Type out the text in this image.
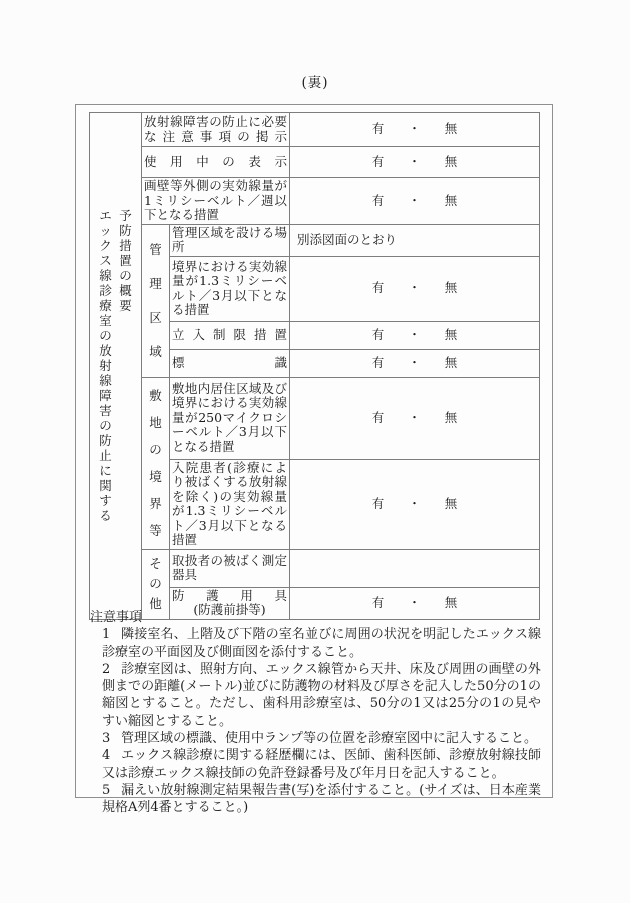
(裏)
エックス線診療室の放射線障害の防止に関する
予防措置の概要	放射線障害の防止に必要な注意事項の掲示		有 ・ 無
	使用中の表示		有 ・ 無
	画壁等外側の実効線量が1ミリシーベルト／週以下となる措置		有 ・ 無

	管理区域	管理区域を設ける場所	別添図面のとおり
		境界における実効線量が1.3ミリシーベルト／3月以下となる措置	有 ・ 無
		立入制限措置	有 ・ 無
		標識	有 ・ 無

	敷地の境界等	敷地内居住区域及び境界における実効線量が250マイクロシーベルト／3月以下となる措置	有 ・ 無
		入院患者(診療により被ばくする放射線を除く)の実効線量が1.3ミリシーベルト／3月以下となる措置	有 ・ 無

	その他	取扱者の被ばく測定器具	

		防護用具
(防護前掛等)	有 ・ 無
注意事項

1 隣接室名、上階及び下階の室名並びに周囲の状況を明記したエックス線診療室の平面図及び側面図を添付すること。

2 診療室図は、照射方向、エックス線管から天井、床及び周囲の画壁の外側までの距離(メートル)並びに防護物の材料及び厚さを記入した50分の1の縮図とすること。ただし、歯科用診療室は、50分の1又は25分の1の見やすい縮図とすること。

3 管理区域の標識、使用中ランプ等の位置を診療室図中に記入すること。

4 エックス線診療に関する経歴欄には、医師、歯科医師、診療放射線技師又は診療エックス線技師の免許登録番号及び年月日を記入すること。

5 漏えい放射線測定結果報告書(写)を添付すること。(サイズは、日本産業規格A列4番とすること。)
